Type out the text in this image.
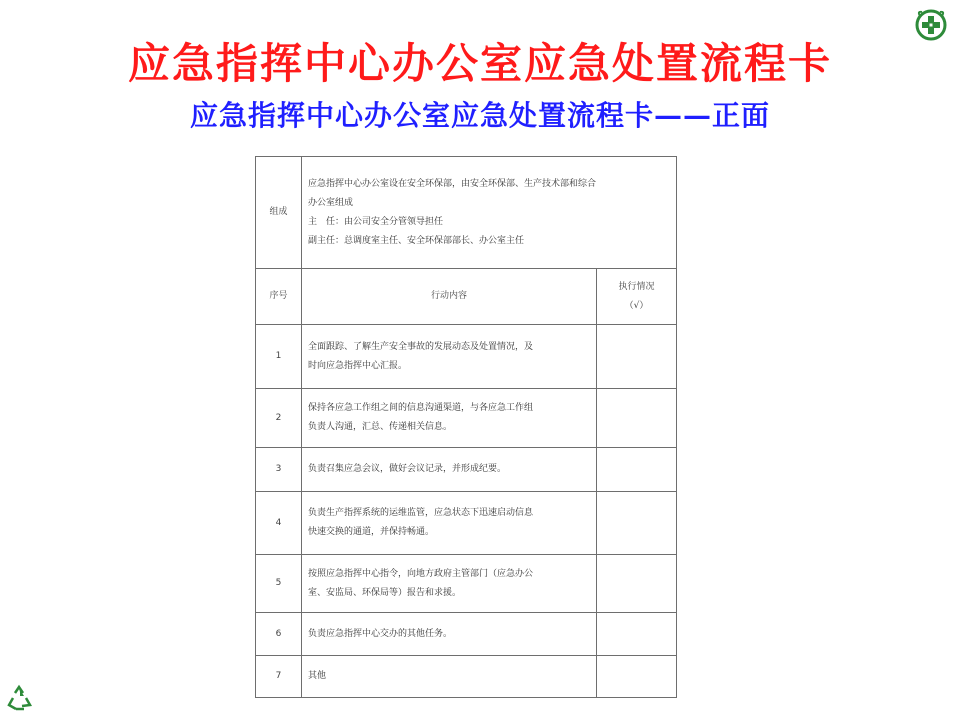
应急指挥中心办公室应急处置流程卡
应急指挥中心办公室应急处置流程卡——正面
组成	应急指挥中心办公室设在安全环保部，由安全环保部、生产技术部和综合
办公室组成
主　任：由公司安全分管领导担任
副主任：总调度室主任、安全环保部部长、办公室主任	

序号	行动内容	执行情况
（√）

1	全面跟踪、了解生产安全事故的发展动态及处置情况，及
时向应急指挥中心汇报。	

2	保持各应急工作组之间的信息沟通渠道，与各应急工作组
负责人沟通，汇总、传递相关信息。	

3	负责召集应急会议，做好会议记录，并形成纪要。	

4	负责生产指挥系统的运维监管，应急状态下迅速启动信息
快速交换的通道，并保持畅通。	

5	按照应急指挥中心指令，向地方政府主管部门（应急办公
室、安监局、环保局等）报告和求援。	

6	负责应急指挥中心交办的其他任务。	

7	其他	
